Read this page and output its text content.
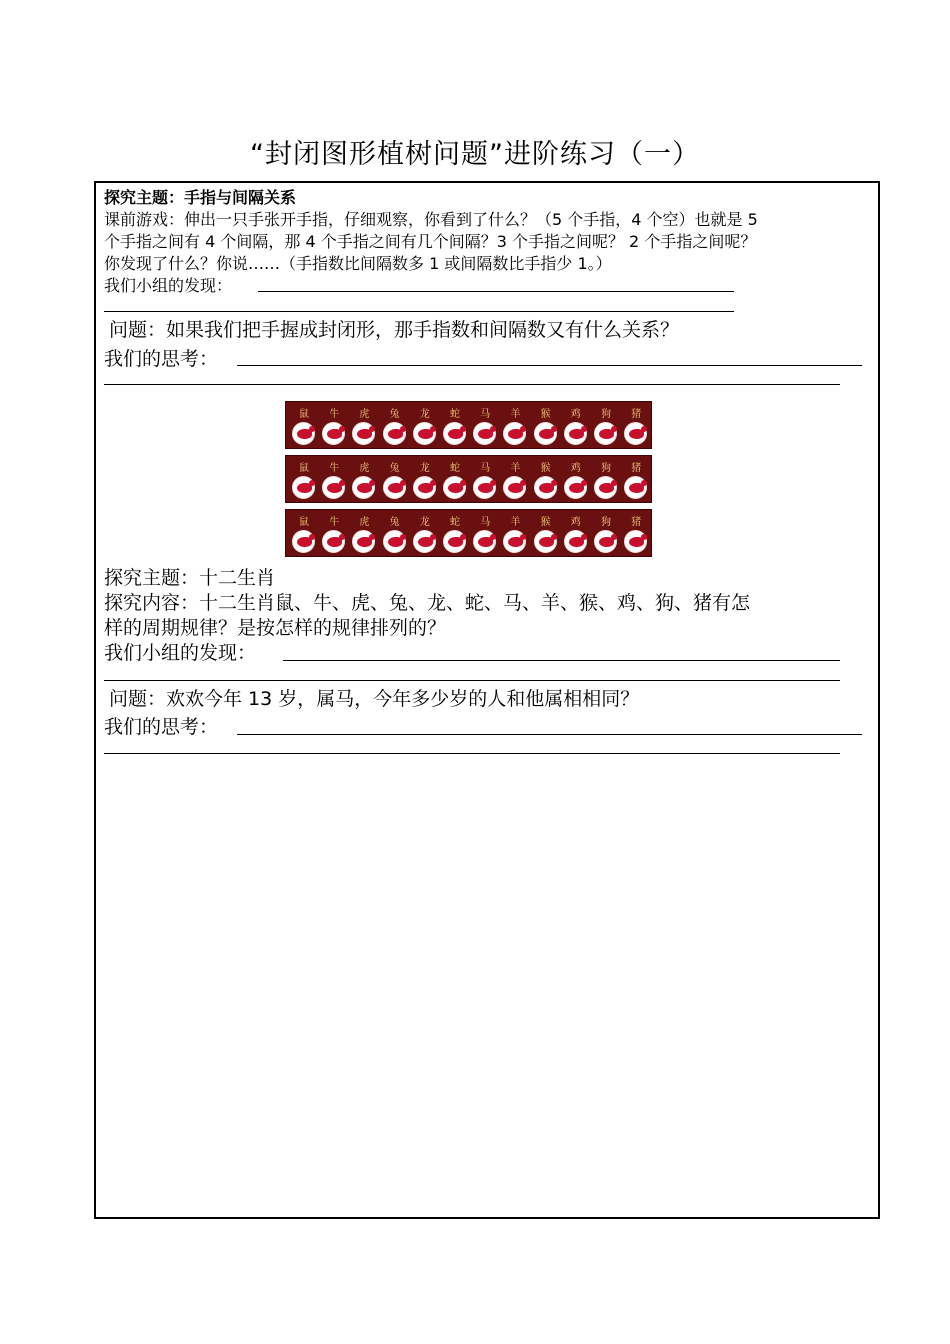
“封闭图形植树问题”进阶练习（一）
探究主题：手指与间隔关系
课前游戏：伸出一只手张开手指，仔细观察，你看到了什么？（5 个手指，4 个空）也就是 5
个手指之间有 4 个间隔，那 4 个手指之间有几个间隔？3 个手指之间呢？ 2 个手指之间呢？
你发现了什么？你说……（手指数比间隔数多 1 或间隔数比手指少 1。）
我们小组的发现：
问题：如果我们把手握成封闭形，那手指数和间隔数又有什么关系？
我们的思考：
鼠	牛	虎	兔	龙	蛇	马	羊	猴	鸡	狗	猪
鼠	牛	虎	兔	龙	蛇	马	羊	猴	鸡	狗	猪
鼠	牛	虎	兔	龙	蛇	马	羊	猴	鸡	狗	猪
探究主题：十二生肖
探究内容：十二生肖鼠、牛、虎、兔、龙、蛇、马、羊、猴、鸡、狗、猪有怎
样的周期规律？是按怎样的规律排列的？
我们小组的发现：
问题：欢欢今年 13 岁，属马，今年多少岁的人和他属相相同？
我们的思考：
